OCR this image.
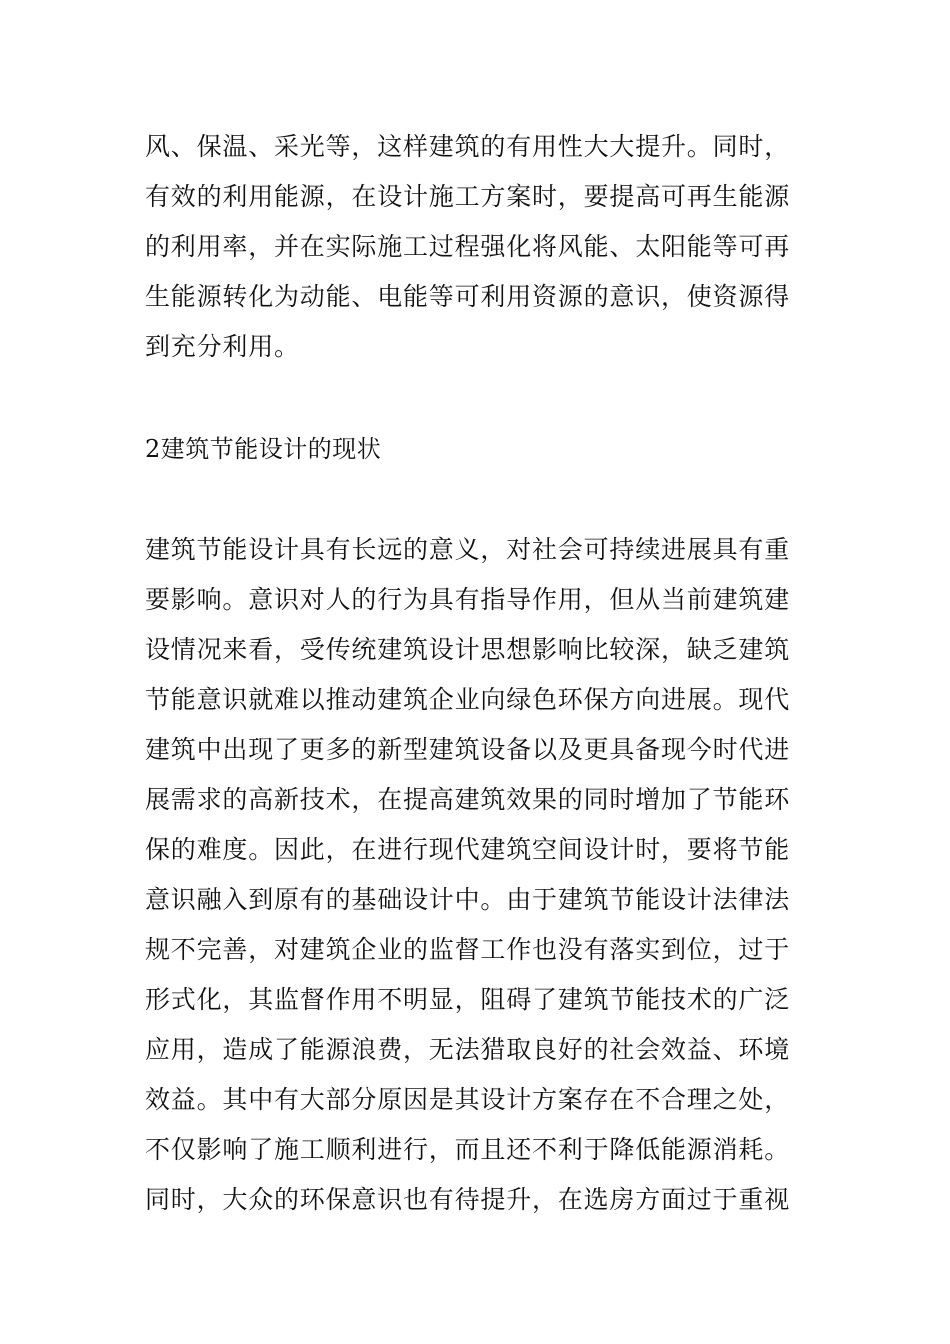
风、保温、采光等，这样建筑的有用性大大提升。同时，
有效的利用能源，在设计施工方案时，要提高可再生能源
的利用率，并在实际施工过程强化将风能、太阳能等可再
生能源转化为动能、电能等可利用资源的意识，使资源得
到充分利用。
2建筑节能设计的现状
建筑节能设计具有长远的意义，对社会可持续进展具有重
要影响。意识对人的行为具有指导作用，但从当前建筑建
设情况来看，受传统建筑设计思想影响比较深，缺乏建筑
节能意识就难以推动建筑企业向绿色环保方向进展。现代
建筑中出现了更多的新型建筑设备以及更具备现今时代进
展需求的高新技术，在提高建筑效果的同时增加了节能环
保的难度。因此，在进行现代建筑空间设计时，要将节能
意识融入到原有的基础设计中。由于建筑节能设计法律法
规不完善，对建筑企业的监督工作也没有落实到位，过于
形式化，其监督作用不明显，阻碍了建筑节能技术的广泛
应用，造成了能源浪费，无法猎取良好的社会效益、环境
效益。其中有大部分原因是其设计方案存在不合理之处，
不仅影响了施工顺利进行，而且还不利于降低能源消耗。
同时，大众的环保意识也有待提升，在选房方面过于重视
